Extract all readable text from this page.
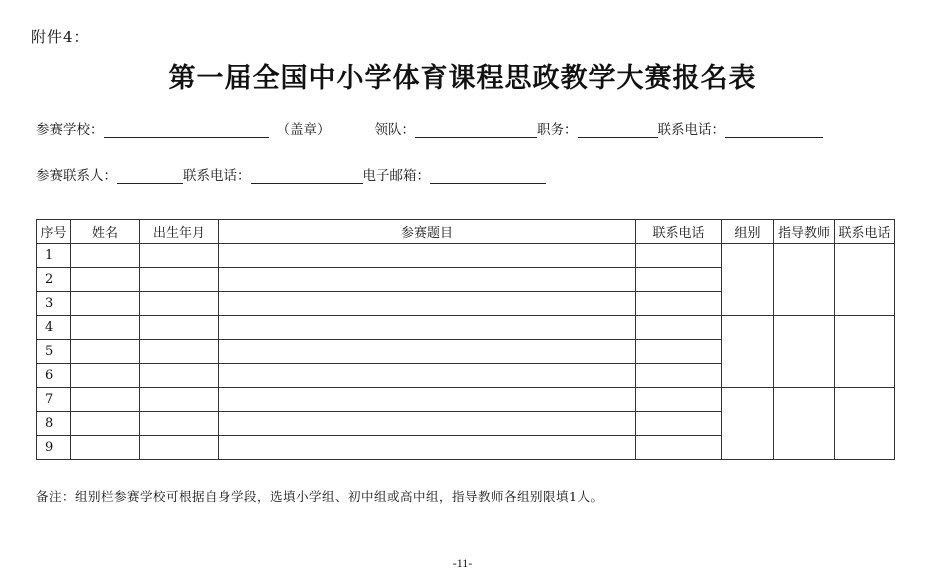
附件4：
第一届全国中小学体育课程思政教学大赛报名表
参赛学校：	（盖章）	领队：	职务：	联系电话：
参赛联系人：	联系电话：	电子邮箱：
序号	姓名	出生年月	参赛题目	联系电话	组别	指导教师	联系电话
1							
2							
3							
4							
5							
6							
7							
8							
9							
备注：组别栏参赛学校可根据自身学段，选填小学组、初中组或高中组，指导教师各组别限填1人。
-11-
